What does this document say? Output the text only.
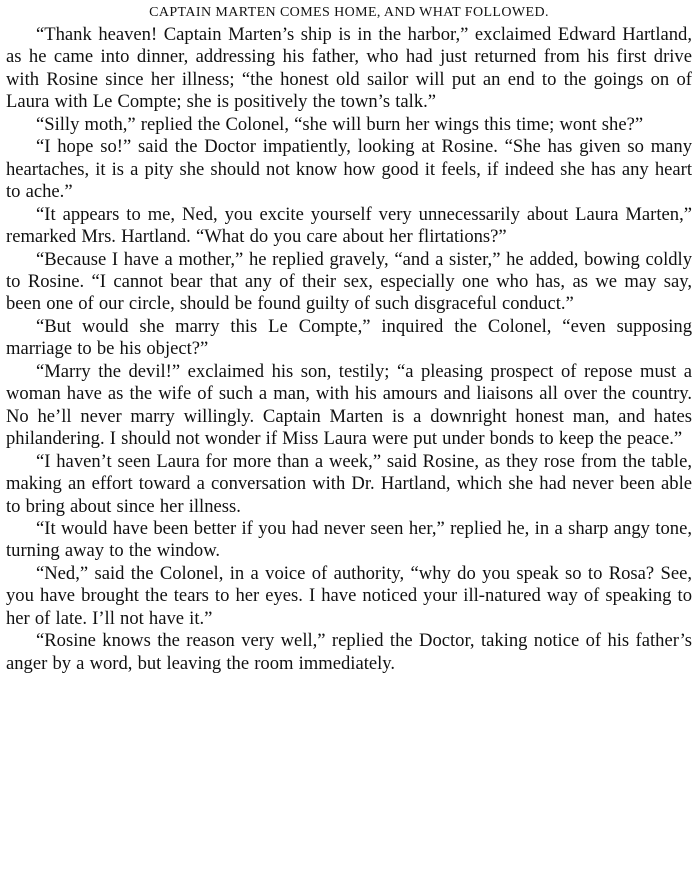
CAPTAIN MARTEN COMES HOME, AND WHAT FOLLOWED.

“Thank heaven! Captain Marten’s ship is in the harbor,” exclaimed Edward Hartland, as he came into dinner, addressing his father, who had just returned from his first drive with Rosine since her illness; “the honest old sailor will put an end to the goings on of Laura with Le Compte; she is positively the town’s talk.”

“Silly moth,” replied the Colonel, “she will burn her wings this time; wont she?”

“I hope so!” said the Doctor impatiently, looking at Rosine. “She has given so many heartaches, it is a pity she should not know how good it feels, if indeed she has any heart to ache.”

“It appears to me, Ned, you excite yourself very unnecessarily about Laura Marten,” remarked Mrs. Hartland. “What do you care about her flirtations?”

“Because I have a mother,” he replied gravely, “and a sister,” he added, bowing coldly to Rosine. “I cannot bear that any of their sex, especially one who has, as we may say, been one of our circle, should be found guilty of such disgraceful conduct.”

“But would she marry this Le Compte,” inquired the Colonel, “even supposing marriage to be his object?”

“Marry the devil!” exclaimed his son, testily; “a pleasing prospect of repose must a woman have as the wife of such a man, with his amours and liaisons all over the country. No he’ll never marry willingly. Captain Marten is a downright honest man, and hates philandering. I should not wonder if Miss Laura were put under bonds to keep the peace.”

“I haven’t seen Laura for more than a week,” said Rosine, as they rose from the table, making an effort toward a conversation with Dr. Hartland, which she had never been able to bring about since her illness.

“It would have been better if you had never seen her,” replied he, in a sharp angy tone, turning away to the window.

“Ned,” said the Colonel, in a voice of authority, “why do you speak so to Rosa? See, you have brought the tears to her eyes. I have noticed your ill-natured way of speaking to her of late. I’ll not have it.”

“Rosine knows the reason very well,” replied the Doctor, taking notice of his father’s anger by a word, but leaving the room immediately.
